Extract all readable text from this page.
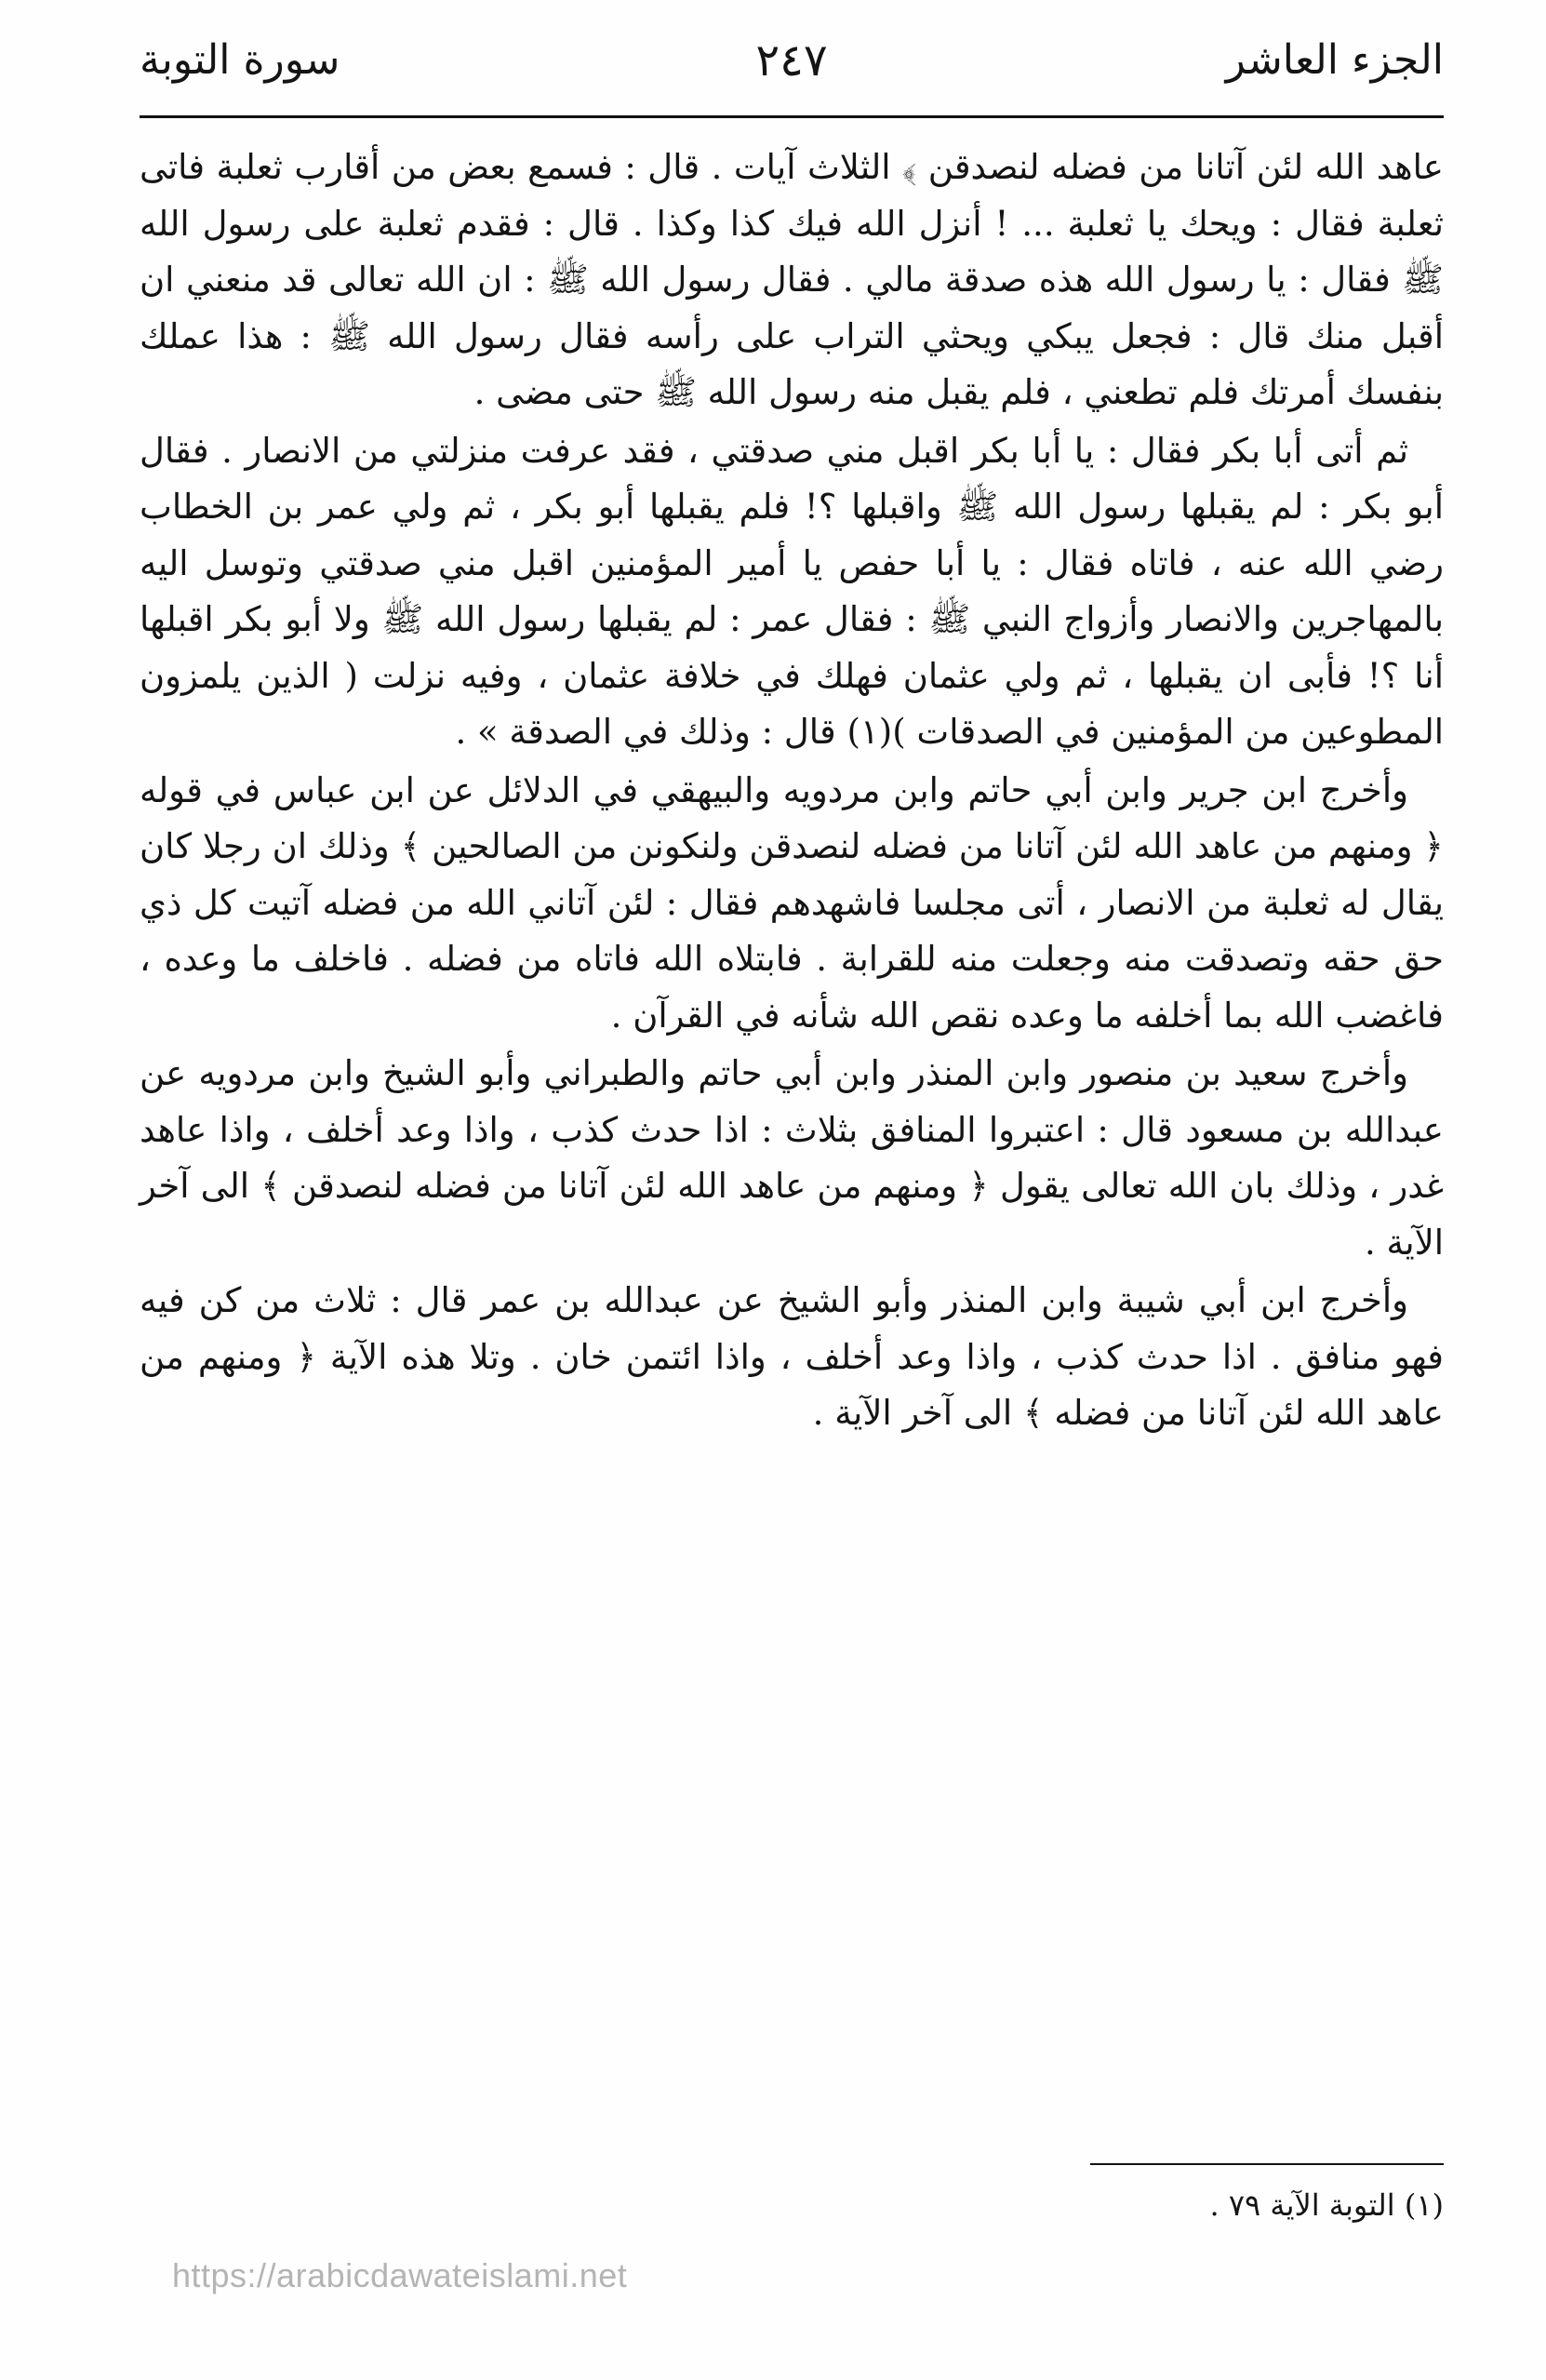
الجزء العاشر
٢٤٧
سورة التوبة

عاهد الله لئن آتانا من فضله لنصدقن ﴾ الثلاث آيات . قال : فسمع بعض من أقارب ثعلبة فاتى ثعلبة فقال : ويحك يا ثعلبة ... ! أنزل الله فيك كذا وكذا . قال : فقدم ثعلبة على رسول الله ﷺ فقال : يا رسول الله هذه صدقة مالي . فقال رسول الله ﷺ : ان الله تعالى قد منعني ان أقبل منك قال : فجعل يبكي ويحثي التراب على رأسه فقال رسول الله ﷺ : هذا عملك بنفسك أمرتك فلم تطعني ، فلم يقبل منه رسول الله ﷺ حتى مضى .

ثم أتى أبا بكر فقال : يا أبا بكر اقبل مني صدقتي ، فقد عرفت منزلتي من الانصار . فقال أبو بكر : لم يقبلها رسول الله ﷺ واقبلها ؟! فلم يقبلها أبو بكر ، ثم ولي عمر بن الخطاب رضي الله عنه ، فاتاه فقال : يا أبا حفص يا أمير المؤمنين اقبل مني صدقتي وتوسل اليه بالمهاجرين والانصار وأزواج النبي ﷺ : فقال عمر : لم يقبلها رسول الله ﷺ ولا أبو بكر اقبلها أنا ؟! فأبى ان يقبلها ، ثم ولي عثمان فهلك في خلافة عثمان ، وفيه نزلت ( الذين يلمزون المطوعين من المؤمنين في الصدقات )(١) قال : وذلك في الصدقة » .

وأخرج ابن جرير وابن أبي حاتم وابن مردويه والبيهقي في الدلائل عن ابن عباس في قوله ﴿ ومنهم من عاهد الله لئن آتانا من فضله لنصدقن ولنكونن من الصالحين ﴾ وذلك ان رجلا كان يقال له ثعلبة من الانصار ، أتى مجلسا فاشهدهم فقال : لئن آتاني الله من فضله آتيت كل ذي حق حقه وتصدقت منه وجعلت منه للقرابة . فابتلاه الله فاتاه من فضله . فاخلف ما وعده ، فاغضب الله بما أخلفه ما وعده نقص الله شأنه في القرآن .

وأخرج سعيد بن منصور وابن المنذر وابن أبي حاتم والطبراني وأبو الشيخ وابن مردويه عن عبدالله بن مسعود قال : اعتبروا المنافق بثلاث : اذا حدث كذب ، واذا وعد أخلف ، واذا عاهد غدر ، وذلك بان الله تعالى يقول ﴿ ومنهم من عاهد الله لئن آتانا من فضله لنصدقن ﴾ الى آخر الآية .

وأخرج ابن أبي شيبة وابن المنذر وأبو الشيخ عن عبدالله بن عمر قال : ثلاث من كن فيه فهو منافق . اذا حدث كذب ، واذا وعد أخلف ، واذا ائتمن خان . وتلا هذه الآية ﴿ ومنهم من عاهد الله لئن آتانا من فضله ﴾ الى آخر الآية .

(١) التوبة الآية ٧٩ .
https://arabicdawateislami.net
